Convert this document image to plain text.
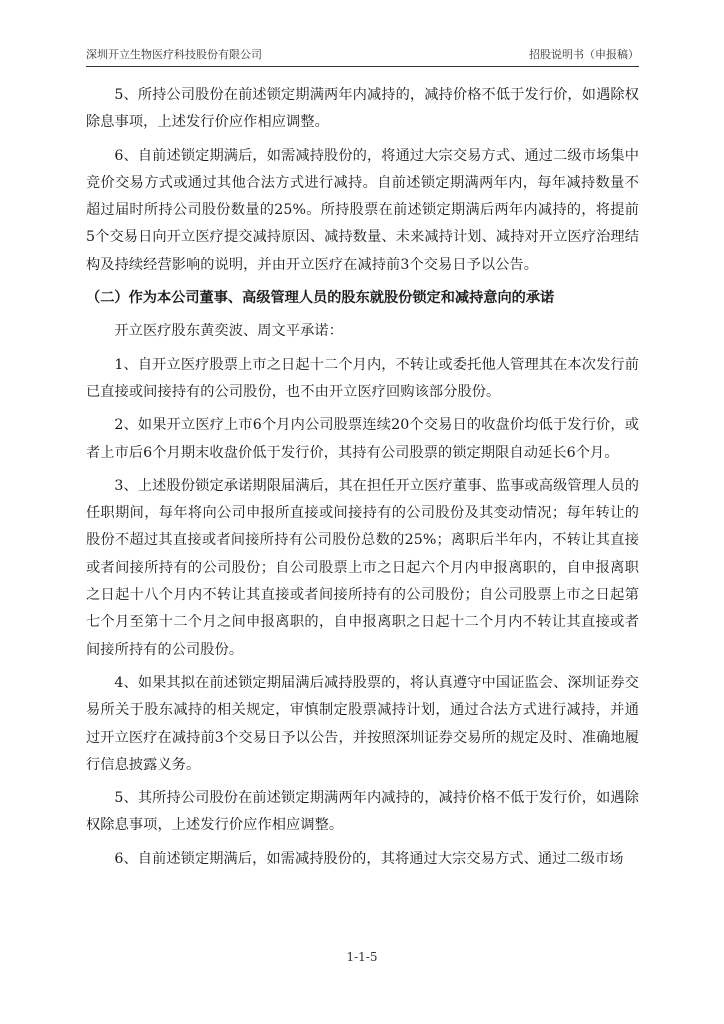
深圳开立生物医疗科技股份有限公司	招股说明书（申报稿）

5、所持公司股份在前述锁定期满两年内减持的，减持价格不低于发行价，如遇除权除息事项，上述发行价应作相应调整。

6、自前述锁定期满后，如需减持股份的，将通过大宗交易方式、通过二级市场集中竞价交易方式或通过其他合法方式进行减持。自前述锁定期满两年内，每年减持数量不超过届时所持公司股份数量的25%。所持股票在前述锁定期满后两年内减持的，将提前5个交易日向开立医疗提交减持原因、减持数量、未来减持计划、减持对开立医疗治理结构及持续经营影响的说明，并由开立医疗在减持前3个交易日予以公告。

（二）作为本公司董事、高级管理人员的股东就股份锁定和减持意向的承诺

开立医疗股东黄奕波、周文平承诺：

1、自开立医疗股票上市之日起十二个月内，不转让或委托他人管理其在本次发行前已直接或间接持有的公司股份，也不由开立医疗回购该部分股份。

2、如果开立医疗上市6个月内公司股票连续20个交易日的收盘价均低于发行价，或者上市后6个月期末收盘价低于发行价，其持有公司股票的锁定期限自动延长6个月。

3、上述股份锁定承诺期限届满后，其在担任开立医疗董事、监事或高级管理人员的任职期间，每年将向公司申报所直接或间接持有的公司股份及其变动情况；每年转让的股份不超过其直接或者间接所持有公司股份总数的25%；离职后半年内，不转让其直接或者间接所持有的公司股份；自公司股票上市之日起六个月内申报离职的，自申报离职之日起十八个月内不转让其直接或者间接所持有的公司股份；自公司股票上市之日起第七个月至第十二个月之间申报离职的，自申报离职之日起十二个月内不转让其直接或者间接所持有的公司股份。

4、如果其拟在前述锁定期届满后减持股票的，将认真遵守中国证监会、深圳证券交易所关于股东减持的相关规定，审慎制定股票减持计划，通过合法方式进行减持，并通过开立医疗在减持前3个交易日予以公告，并按照深圳证券交易所的规定及时、准确地履行信息披露义务。

5、其所持公司股份在前述锁定期满两年内减持的，减持价格不低于发行价，如遇除权除息事项，上述发行价应作相应调整。

6、自前述锁定期满后，如需减持股份的，其将通过大宗交易方式、通过二级市场

1-1-5
